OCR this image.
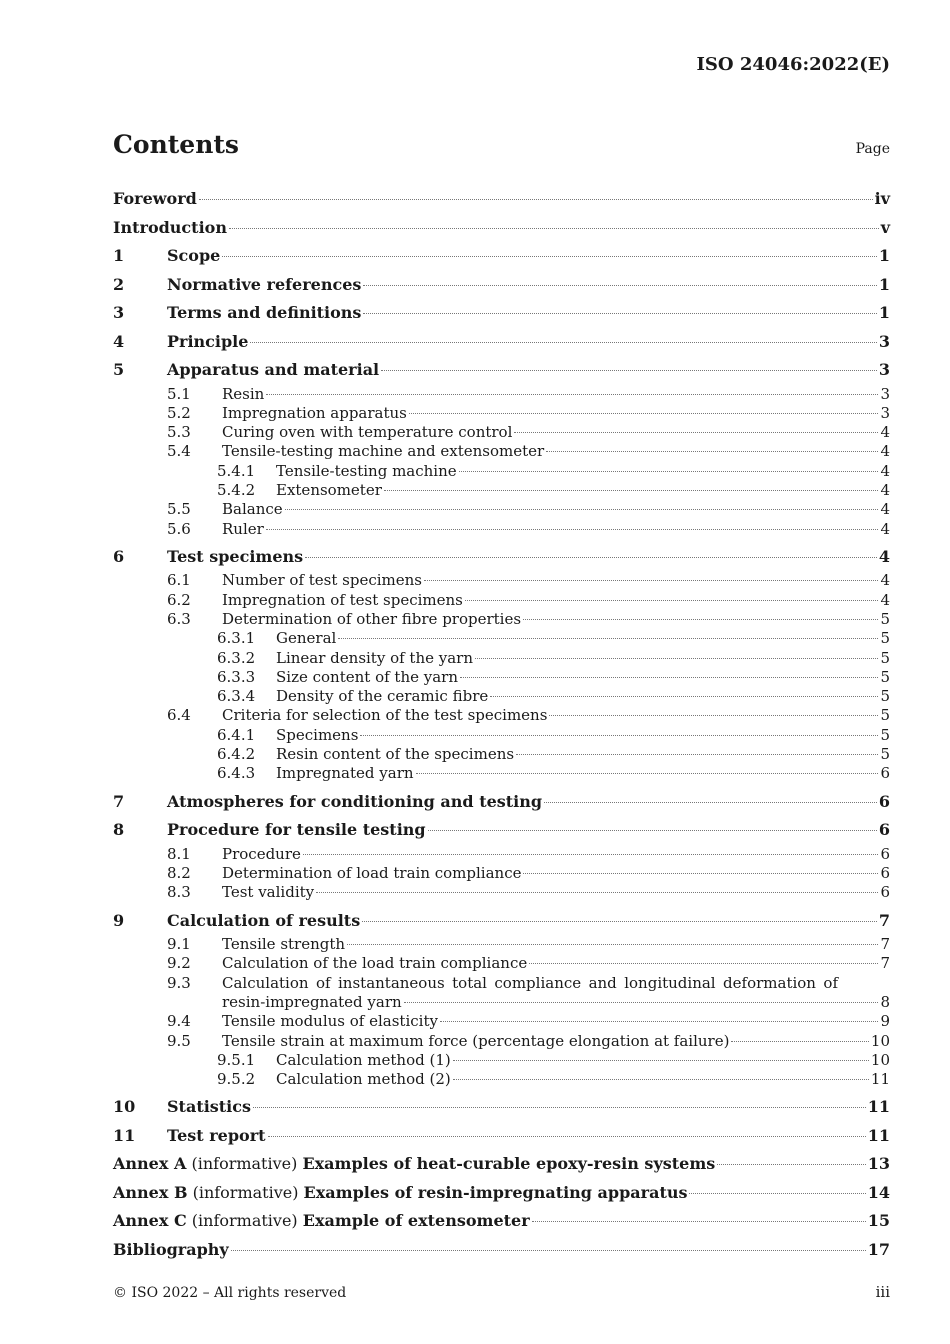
ISO 24046:2022(E)
Contents	Page
Foreword	iv
Introduction	v
1	Scope	1
2	Normative references	1
3	Terms and definitions	1
4	Principle	3
5	Apparatus and material	3
5.1	Resin	3
5.2	Impregnation apparatus	3
5.3	Curing oven with temperature control	4
5.4	Tensile-testing machine and extensometer	4
5.4.1	Tensile-testing machine	4
5.4.2	Extensometer	4
5.5	Balance	4
5.6	Ruler	4
6	Test specimens	4
6.1	Number of test specimens	4
6.2	Impregnation of test specimens	4
6.3	Determination of other fibre properties	5
6.3.1	General	5
6.3.2	Linear density of the yarn	5
6.3.3	Size content of the yarn	5
6.3.4	Density of the ceramic fibre	5
6.4	Criteria for selection of the test specimens	5
6.4.1	Specimens	5
6.4.2	Resin content of the specimens	5
6.4.3	Impregnated yarn	6
7	Atmospheres for conditioning and testing	6
8	Procedure for tensile testing	6
8.1	Procedure	6
8.2	Determination of load train compliance	6
8.3	Test validity	6
9	Calculation of results	7
9.1	Tensile strength	7
9.2	Calculation of the load train compliance	7
9.3	Calculation of instantaneous total compliance and longitudinal deformation of
resin-impregnated yarn	8
9.4	Tensile modulus of elasticity	9
9.5	Tensile strain at maximum force (percentage elongation at failure)	10
9.5.1	Calculation method (1)	10
9.5.2	Calculation method (2)	11
10	Statistics	11
11	Test report	11
Annex A (informative) Examples of heat-curable epoxy-resin systems	13
Annex B (informative) Examples of resin-impregnating apparatus	14
Annex C (informative) Example of extensometer	15
Bibliography	17
© ISO 2022 – All rights reserved	iii
